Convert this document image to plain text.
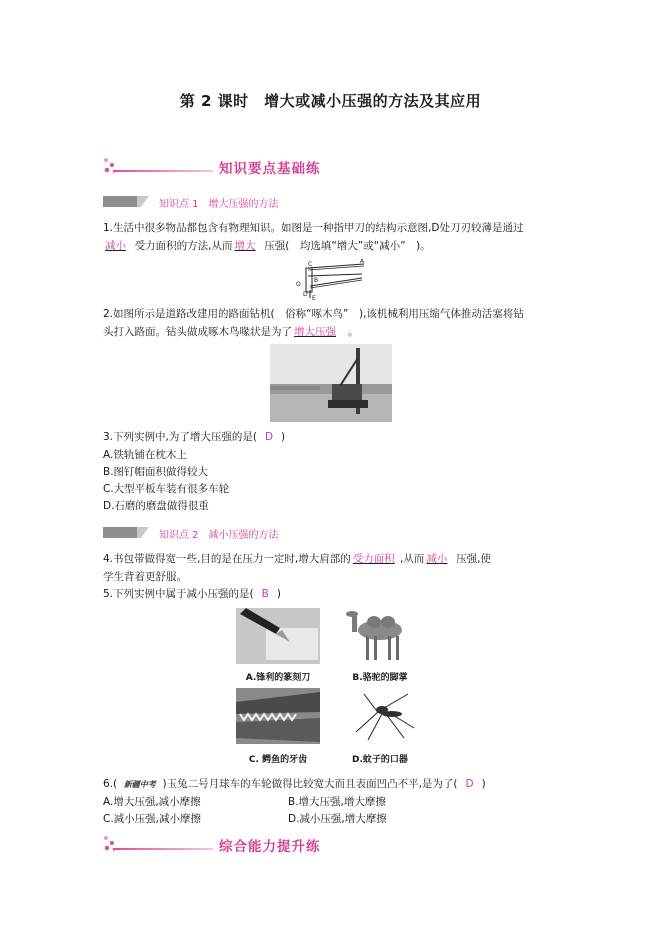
第 2 课时　增大或减小压强的方法及其应用
知识要点基础练
知识点 1　 增大压强的方法
1.生活中很多物品都包含有物理知识。如图是一种指甲刀的结构示意图,D处刀刃较薄是通过
减小 受力面积的方法,从而 增大 压强(　均选填“增大”或“减小”　)。
C
O
B
E
D
A
2.如图所示是道路改建用的路面钻机(　俗称“啄木鸟”　),该机械利用压缩气体推动活塞将钻
头打入路面。钻头做成啄木鸟喙状是为了 增大压强 。
3.下列实例中,为了增大压强的是( D )
A.铁轨铺在枕木上
B.图钉帽面积做得较大
C.大型平板车装有很多车轮
D.石磨的磨盘做得很重
知识点 2　 减小压强的方法
4.书包带做得宽一些,目的是在压力一定时,增大肩部的 受力面积 ,从而 减小 压强,使
学生背着更舒服。
5.下列实例中属于减小压强的是( B )
A.锋利的篆刻刀	B.骆驼的脚掌
C. 鳄鱼的牙齿	D.蚊子的口器
6.( 新疆中考 )玉兔二号月球车的车轮做得比较宽大而且表面凹凸不平,是为了( D )
A.增大压强,减小摩擦	B.增大压强,增大摩擦
C.减小压强,减小摩擦	D.减小压强,增大摩擦
综合能力提升练
